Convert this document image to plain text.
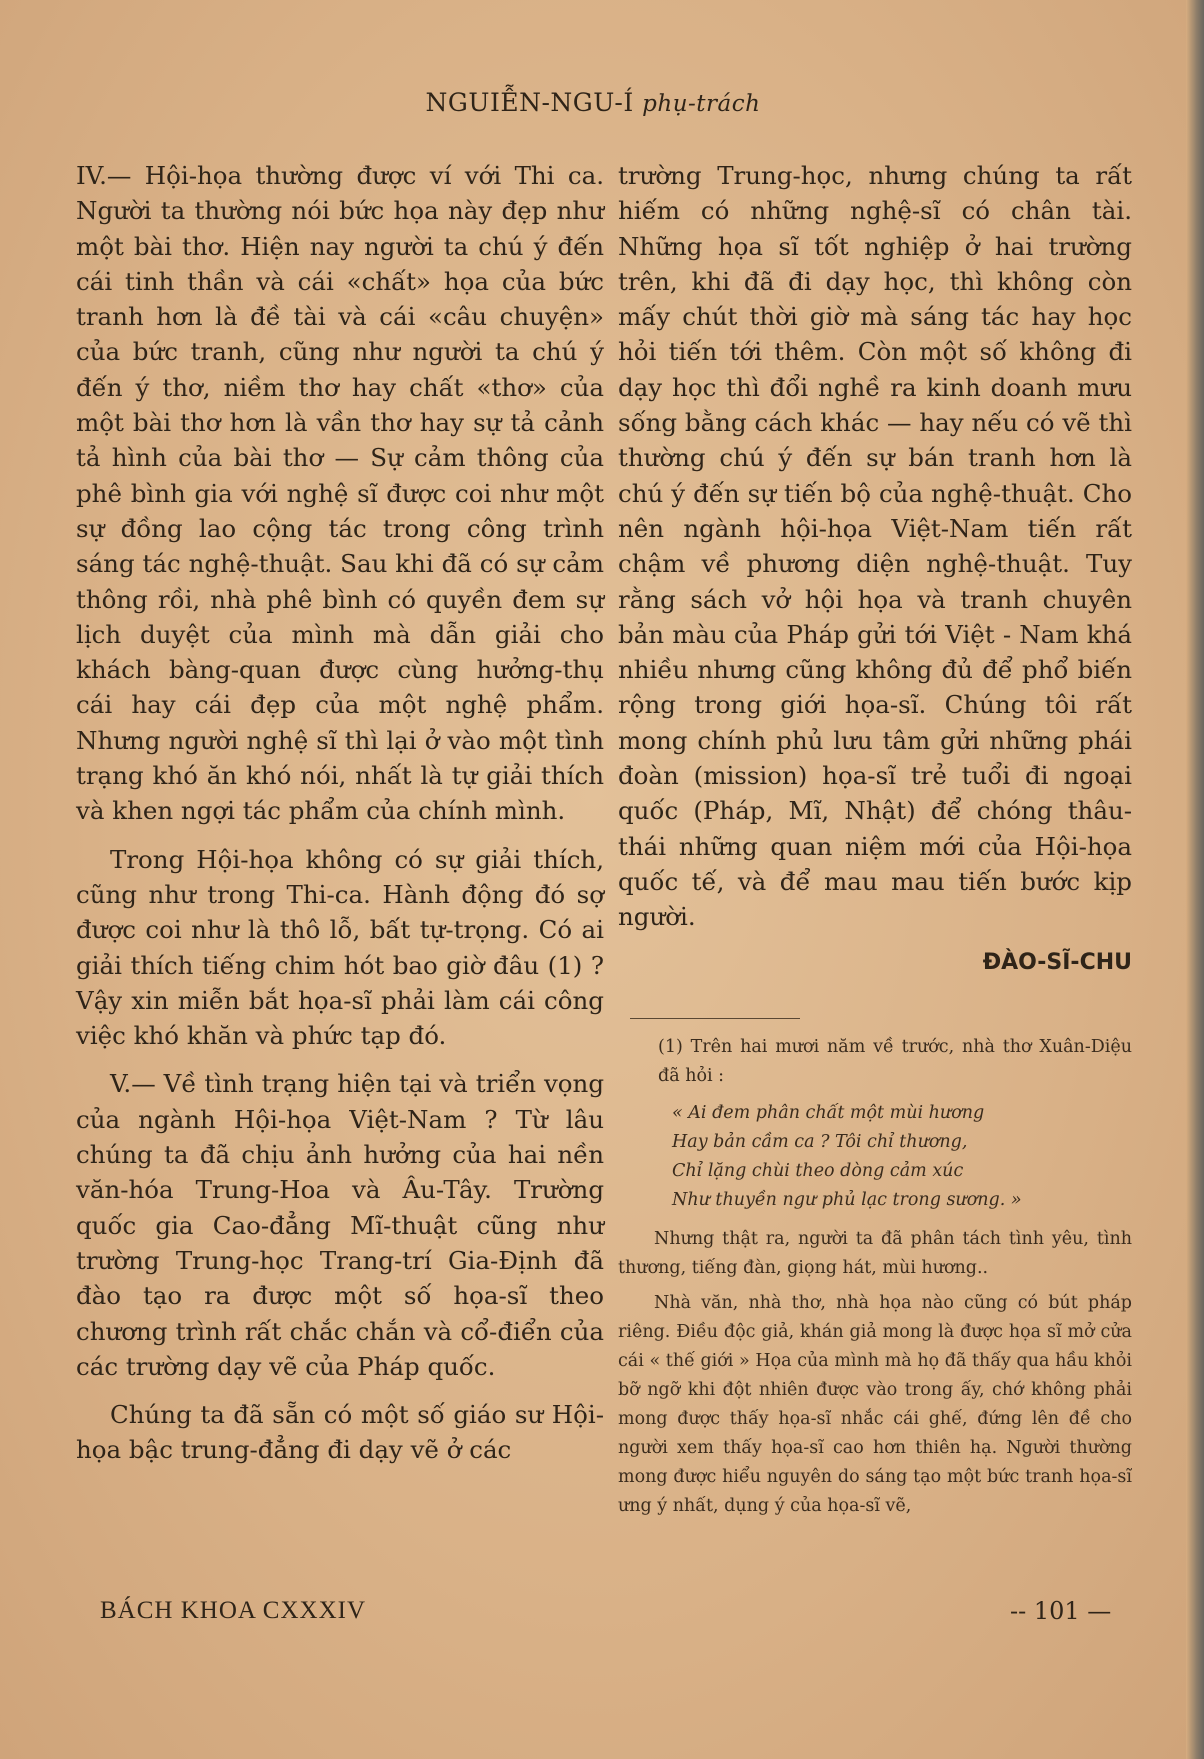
NGUIỄN-NGU-Í phụ-trách

IV.— Hội-họa thường được ví với Thi ca. Người ta thường nói bức họa này đẹp như một bài thơ. Hiện nay người ta chú ý đến cái tinh thần và cái «chất» họa của bức tranh hơn là đề tài và cái «câu chuyện» của bức tranh, cũng như người ta chú ý đến ý thơ, niềm thơ hay chất «thơ» của một bài thơ hơn là vần thơ hay sự tả cảnh tả hình của bài thơ — Sự cảm thông của phê bình gia với nghệ sĩ được coi như một sự đồng lao cộng tác trong công trình sáng tác nghệ-thuật. Sau khi đã có sự cảm thông rồi, nhà phê bình có quyền đem sự lịch duyệt của mình mà dẫn giải cho khách bàng-quan được cùng hưởng-thụ cái hay cái đẹp của một nghệ phẩm. Nhưng người nghệ sĩ thì lại ở vào một tình trạng khó ăn khó nói, nhất là tự giải thích và khen ngợi tác phẩm của chính mình.

Trong Hội-họa không có sự giải thích, cũng như trong Thi-ca. Hành động đó sợ được coi như là thô lỗ, bất tự-trọng. Có ai giải thích tiếng chim hót bao giờ đâu (1) ? Vậy xin miễn bắt họa-sĩ phải làm cái công việc khó khăn và phức tạp đó.

V.— Về tình trạng hiện tại và triển vọng của ngành Hội-họa Việt-Nam ? Từ lâu chúng ta đã chịu ảnh hưởng của hai nền văn-hóa Trung-Hoa và Âu-Tây. Trường quốc gia Cao-đẳng Mĩ-thuật cũng như trường Trung-học Trang-trí Gia-Định đã đào tạo ra được một số họa-sĩ theo chương trình rất chắc chắn và cổ-điển của các trường dạy vẽ của Pháp quốc.

Chúng ta đã sẵn có một số giáo sư Hội-họa bậc trung-đẳng đi dạy vẽ ở các

trường Trung-học, nhưng chúng ta rất hiếm có những nghệ-sĩ có chân tài. Những họa sĩ tốt nghiệp ở hai trường trên, khi đã đi dạy học, thì không còn mấy chút thời giờ mà sáng tác hay học hỏi tiến tới thêm. Còn một số không đi dạy học thì đổi nghề ra kinh doanh mưu sống bằng cách khác — hay nếu có vẽ thì thường chú ý đến sự bán tranh hơn là chú ý đến sự tiến bộ của nghệ-thuật. Cho nên ngành hội-họa Việt-Nam tiến rất chậm về phương diện nghệ-thuật. Tuy rằng sách vở hội họa và tranh chuyên bản màu của Pháp gửi tới Việt - Nam khá nhiều nhưng cũng không đủ để phổ biến rộng trong giới họa-sĩ. Chúng tôi rất mong chính phủ lưu tâm gửi những phái đoàn (mission) họa-sĩ trẻ tuổi đi ngoại quốc (Pháp, Mĩ, Nhật) để chóng thâu-thái những quan niệm mới của Hội-họa quốc tế, và để mau mau tiến bước kịp người.

ĐÀO-SĨ-CHU

(1) Trên hai mươi năm về trước, nhà thơ Xuân-Diệu đã hỏi :

« Ai đem phân chất một mùi hương
Hay bản cầm ca ? Tôi chỉ thương,
Chỉ lặng chùi theo dòng cảm xúc
Như thuyền ngư phủ lạc trong sương. »

Nhưng thật ra, người ta đã phân tách tình yêu, tình thương, tiếng đàn, giọng hát, mùi hương..

Nhà văn, nhà thơ, nhà họa nào cũng có bút pháp riêng. Điều độc giả, khán giả mong là được họa sĩ mở cửa cái « thế giới » Họa của mình mà họ đã thấy qua hầu khỏi bỡ ngỡ khi đột nhiên được vào trong ấy, chớ không phải mong được thấy họa-sĩ nhắc cái ghế, đứng lên đề cho người xem thấy họa-sĩ cao hơn thiên hạ. Người thường mong được hiểu nguyên do sáng tạo một bức tranh họa-sĩ ưng ý nhất, dụng ý của họa-sĩ vẽ,

BÁCH KHOA CXXXIV	-- 101 —
